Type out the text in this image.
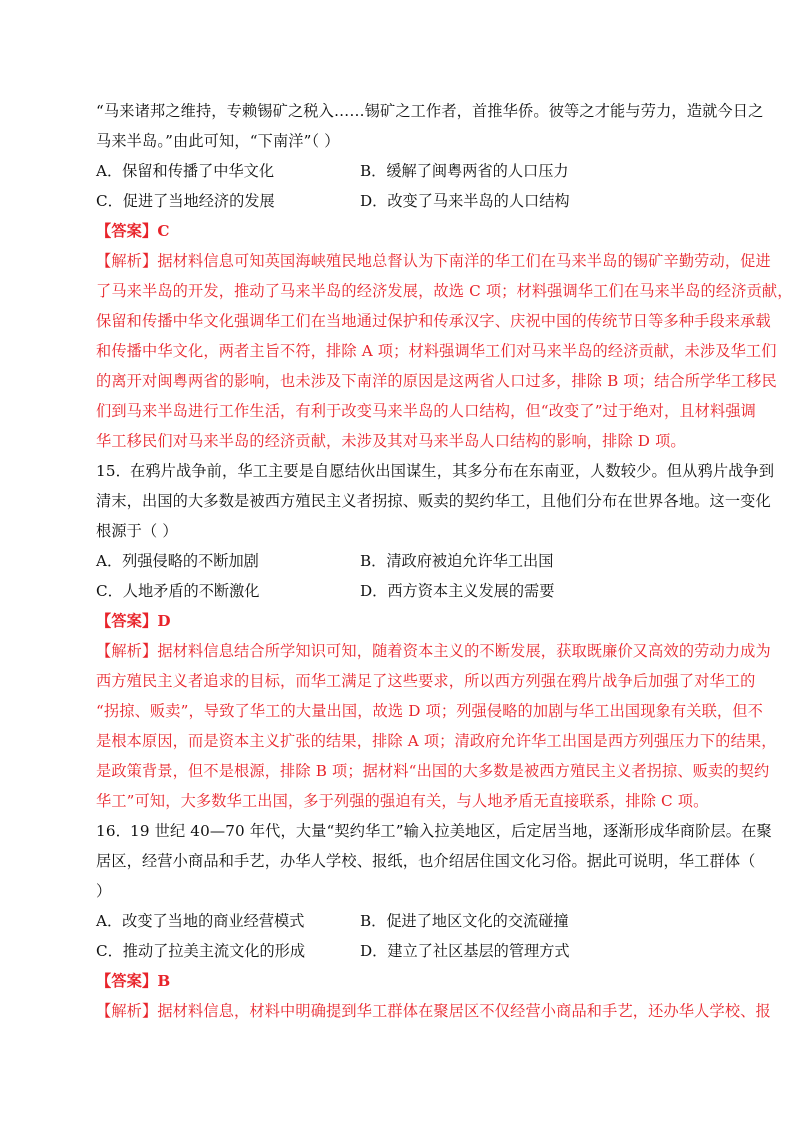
“马来诸邦之维持，专赖锡矿之税入……锡矿之工作者，首推华侨。彼等之才能与劳力，造就今日之
马来半岛。”由此可知，“下南洋”（ ）
A．保留和传播了中华文化	B．缓解了闽粤两省的人口压力
C．促进了当地经济的发展	D．改变了马来半岛的人口结构
【答案】C
【解析】据材料信息可知英国海峡殖民地总督认为下南洋的华工们在马来半岛的锡矿辛勤劳动，促进
了马来半岛的开发，推动了马来半岛的经济发展，故选 C 项；材料强调华工们在马来半岛的经济贡献，
保留和传播中华文化强调华工们在当地通过保护和传承汉字、庆祝中国的传统节日等多种手段来承载
和传播中华文化，两者主旨不符，排除 A 项；材料强调华工们对马来半岛的经济贡献，未涉及华工们
的离开对闽粤两省的影响，也未涉及下南洋的原因是这两省人口过多，排除 B 项；结合所学华工移民
们到马来半岛进行工作生活，有利于改变马来半岛的人口结构，但“改变了”过于绝对，且材料强调
华工移民们对马来半岛的经济贡献，未涉及其对马来半岛人口结构的影响，排除 D 项。
15．在鸦片战争前，华工主要是自愿结伙出国谋生，其多分布在东南亚，人数较少。但从鸦片战争到
清末，出国的大多数是被西方殖民主义者拐掠、贩卖的契约华工，且他们分布在世界各地。这一变化
根源于（ ）
A．列强侵略的不断加剧	B．清政府被迫允许华工出国
C．人地矛盾的不断激化	D．西方资本主义发展的需要
【答案】D
【解析】据材料信息结合所学知识可知，随着资本主义的不断发展，获取既廉价又高效的劳动力成为
西方殖民主义者追求的目标，而华工满足了这些要求，所以西方列强在鸦片战争后加强了对华工的
“拐掠、贩卖”，导致了华工的大量出国，故选 D 项；列强侵略的加剧与华工出国现象有关联，但不
是根本原因，而是资本主义扩张的结果，排除 A 项；清政府允许华工出国是西方列强压力下的结果，
是政策背景，但不是根源，排除 B 项；据材料“出国的大多数是被西方殖民主义者拐掠、贩卖的契约
华工”可知，大多数华工出国，多于列强的强迫有关，与人地矛盾无直接联系，排除 C 项。
16．19 世纪 40—70 年代，大量“契约华工”输入拉美地区，后定居当地，逐渐形成华商阶层。在聚
居区，经营小商品和手艺，办华人学校、报纸，也介绍居住国文化习俗。据此可说明，华工群体（
）
A．改变了当地的商业经营模式	B．促进了地区文化的交流碰撞
C．推动了拉美主流文化的形成	D．建立了社区基层的管理方式
【答案】B
【解析】据材料信息，材料中明确提到华工群体在聚居区不仅经营小商品和手艺，还办华人学校、报
